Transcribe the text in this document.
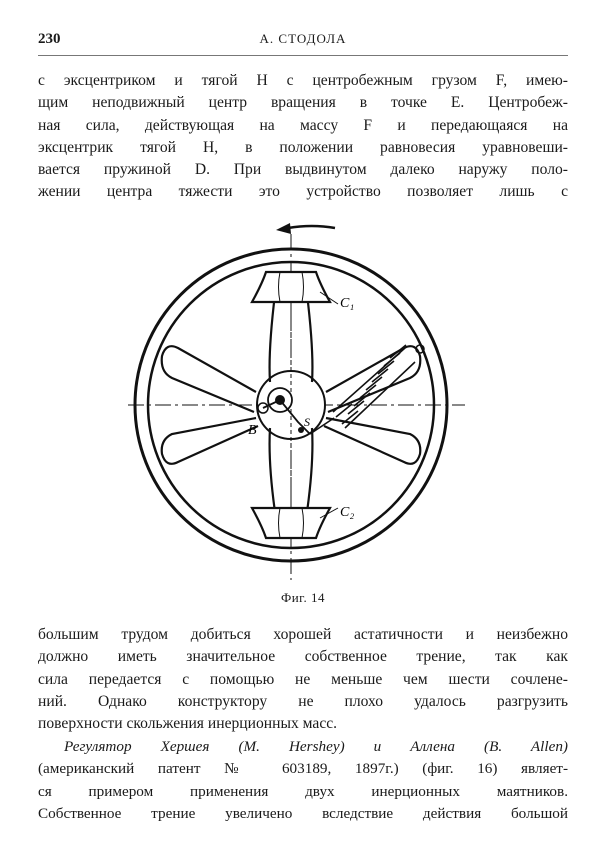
230	А. СТОДОЛА
с эксцентриком и тягой H с центробежным грузом F, имею-
щим неподвижный центр вращения в точке E. Центробеж-
ная сила, действующая на массу F и передающаяся на
эксцентрик тягой H, в положении равновесия уравновеши-
вается пружиной D. При выдвинутом далеко наружу поло-
жении центра тяжести это устройство позволяет лишь с
C₁
C₂
B
S
Фиг. 14
большим трудом добиться хорошей астатичности и неизбежно
должно иметь значительное собственное трение, так как
сила передается с помощью не меньше чем шести сочлене-
ний. Однако конструктору не плохо удалось разгрузить
поверхности скольжения инерционных масс.
Регулятор Хершея (M. Hershey) и Аллена (B. Allen)
(американский патент № 603189, 1897г.) (фиг. 16) являет-
ся примером применения двух инерционных маятников.
Собственное трение увеличено вследствие действия большой
